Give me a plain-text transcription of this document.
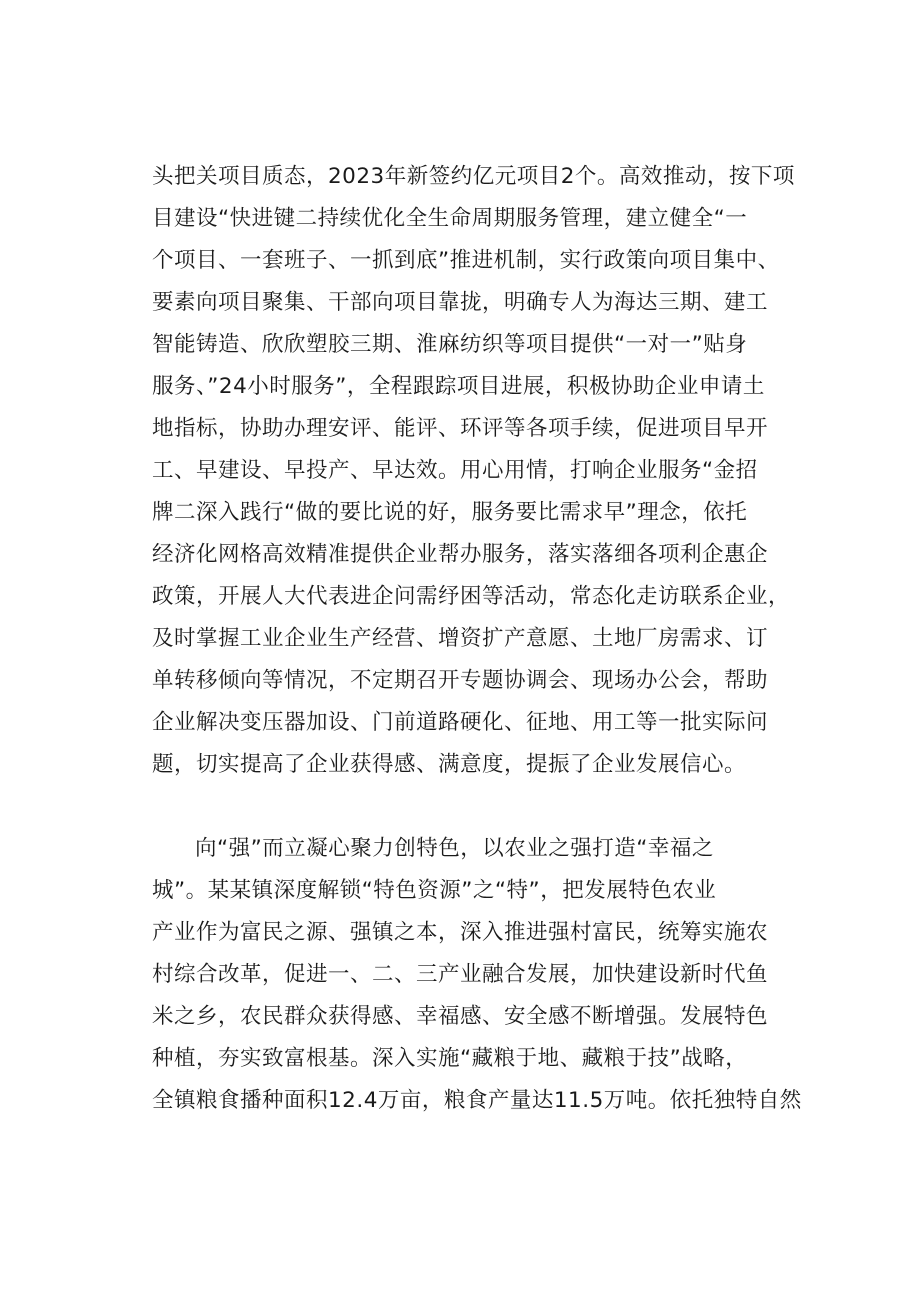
头把关项目质态，2023年新签约亿元项目2个。高效推动，按下项
目建设“快进键二持续优化全生命周期服务管理，建立健全“一
个项目、一套班子、一抓到底”推进机制，实行政策向项目集中、
要素向项目聚集、干部向项目靠拢，明确专人为海达三期、建工
智能铸造、欣欣塑胶三期、淮麻纺织等项目提供“一对一”贴身
服务、”24小时服务”，全程跟踪项目进展，积极协助企业申请土
地指标，协助办理安评、能评、环评等各项手续，促进项目早开
工、早建设、早投产、早达效。用心用情，打响企业服务“金招
牌二深入践行“做的要比说的好，服务要比需求早”理念，依托
经济化网格高效精准提供企业帮办服务，落实落细各项利企惠企
政策，开展人大代表进企问需纾困等活动，常态化走访联系企业，
及时掌握工业企业生产经营、增资扩产意愿、土地厂房需求、订
单转移倾向等情况，不定期召开专题协调会、现场办公会，帮助
企业解决变压器加设、门前道路硬化、征地、用工等一批实际问
题，切实提高了企业获得感、满意度，提振了企业发展信心。
向“强”而立凝心聚力创特色，以农业之强打造“幸福之
城”。某某镇深度解锁“特色资源”之“特”，把发展特色农业
产业作为富民之源、强镇之本，深入推进强村富民，统筹实施农
村综合改革，促进一、二、三产业融合发展，加快建设新时代鱼
米之乡，农民群众获得感、幸福感、安全感不断增强。发展特色
种植，夯实致富根基。深入实施“藏粮于地、藏粮于技”战略，
全镇粮食播种面积12.4万亩，粮食产量达11.5万吨。依托独特自然
